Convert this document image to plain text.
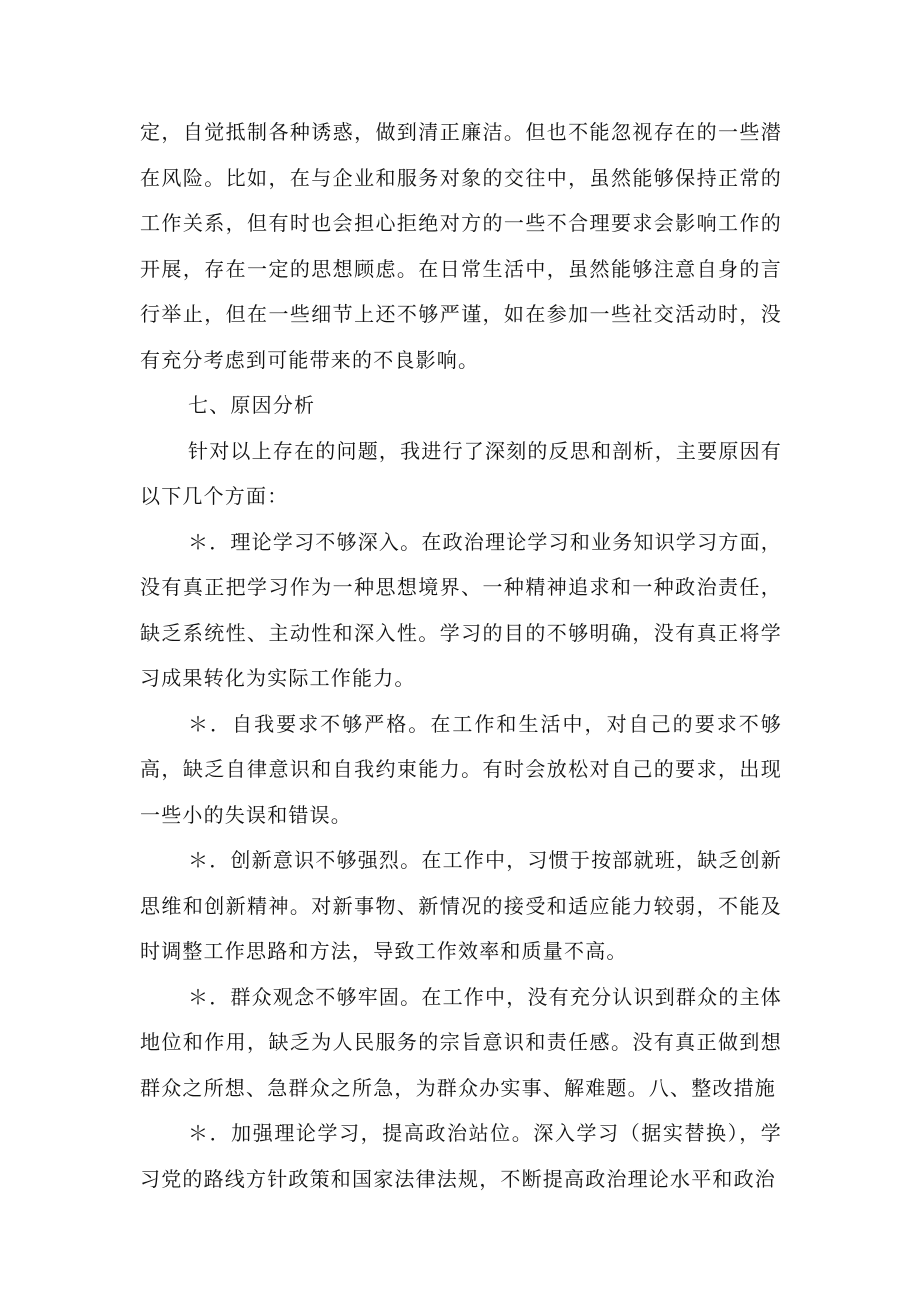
定，自觉抵制各种诱惑，做到清正廉洁。但也不能忽视存在的一些潜在风险。比如，在与企业和服务对象的交往中，虽然能够保持正常的工作关系，但有时也会担心拒绝对方的一些不合理要求会影响工作的开展，存在一定的思想顾虑。在日常生活中，虽然能够注意自身的言行举止，但在一些细节上还不够严谨，如在参加一些社交活动时，没有充分考虑到可能带来的不良影响。

七、原因分析

针对以上存在的问题，我进行了深刻的反思和剖析，主要原因有以下几个方面：

＊．理论学习不够深入。在政治理论学习和业务知识学习方面，没有真正把学习作为一种思想境界、一种精神追求和一种政治责任，缺乏系统性、主动性和深入性。学习的目的不够明确，没有真正将学习成果转化为实际工作能力。

＊．自我要求不够严格。在工作和生活中，对自己的要求不够高，缺乏自律意识和自我约束能力。有时会放松对自己的要求，出现一些小的失误和错误。

＊．创新意识不够强烈。在工作中，习惯于按部就班，缺乏创新思维和创新精神。对新事物、新情况的接受和适应能力较弱，不能及时调整工作思路和方法，导致工作效率和质量不高。

＊．群众观念不够牢固。在工作中，没有充分认识到群众的主体地位和作用，缺乏为人民服务的宗旨意识和责任感。没有真正做到想群众之所想、急群众之所急，为群众办实事、解难题。八、整改措施

＊．加强理论学习，提高政治站位。深入学习（据实替换），学习党的路线方针政策和国家法律法规，不断提高政治理论水平和政治
